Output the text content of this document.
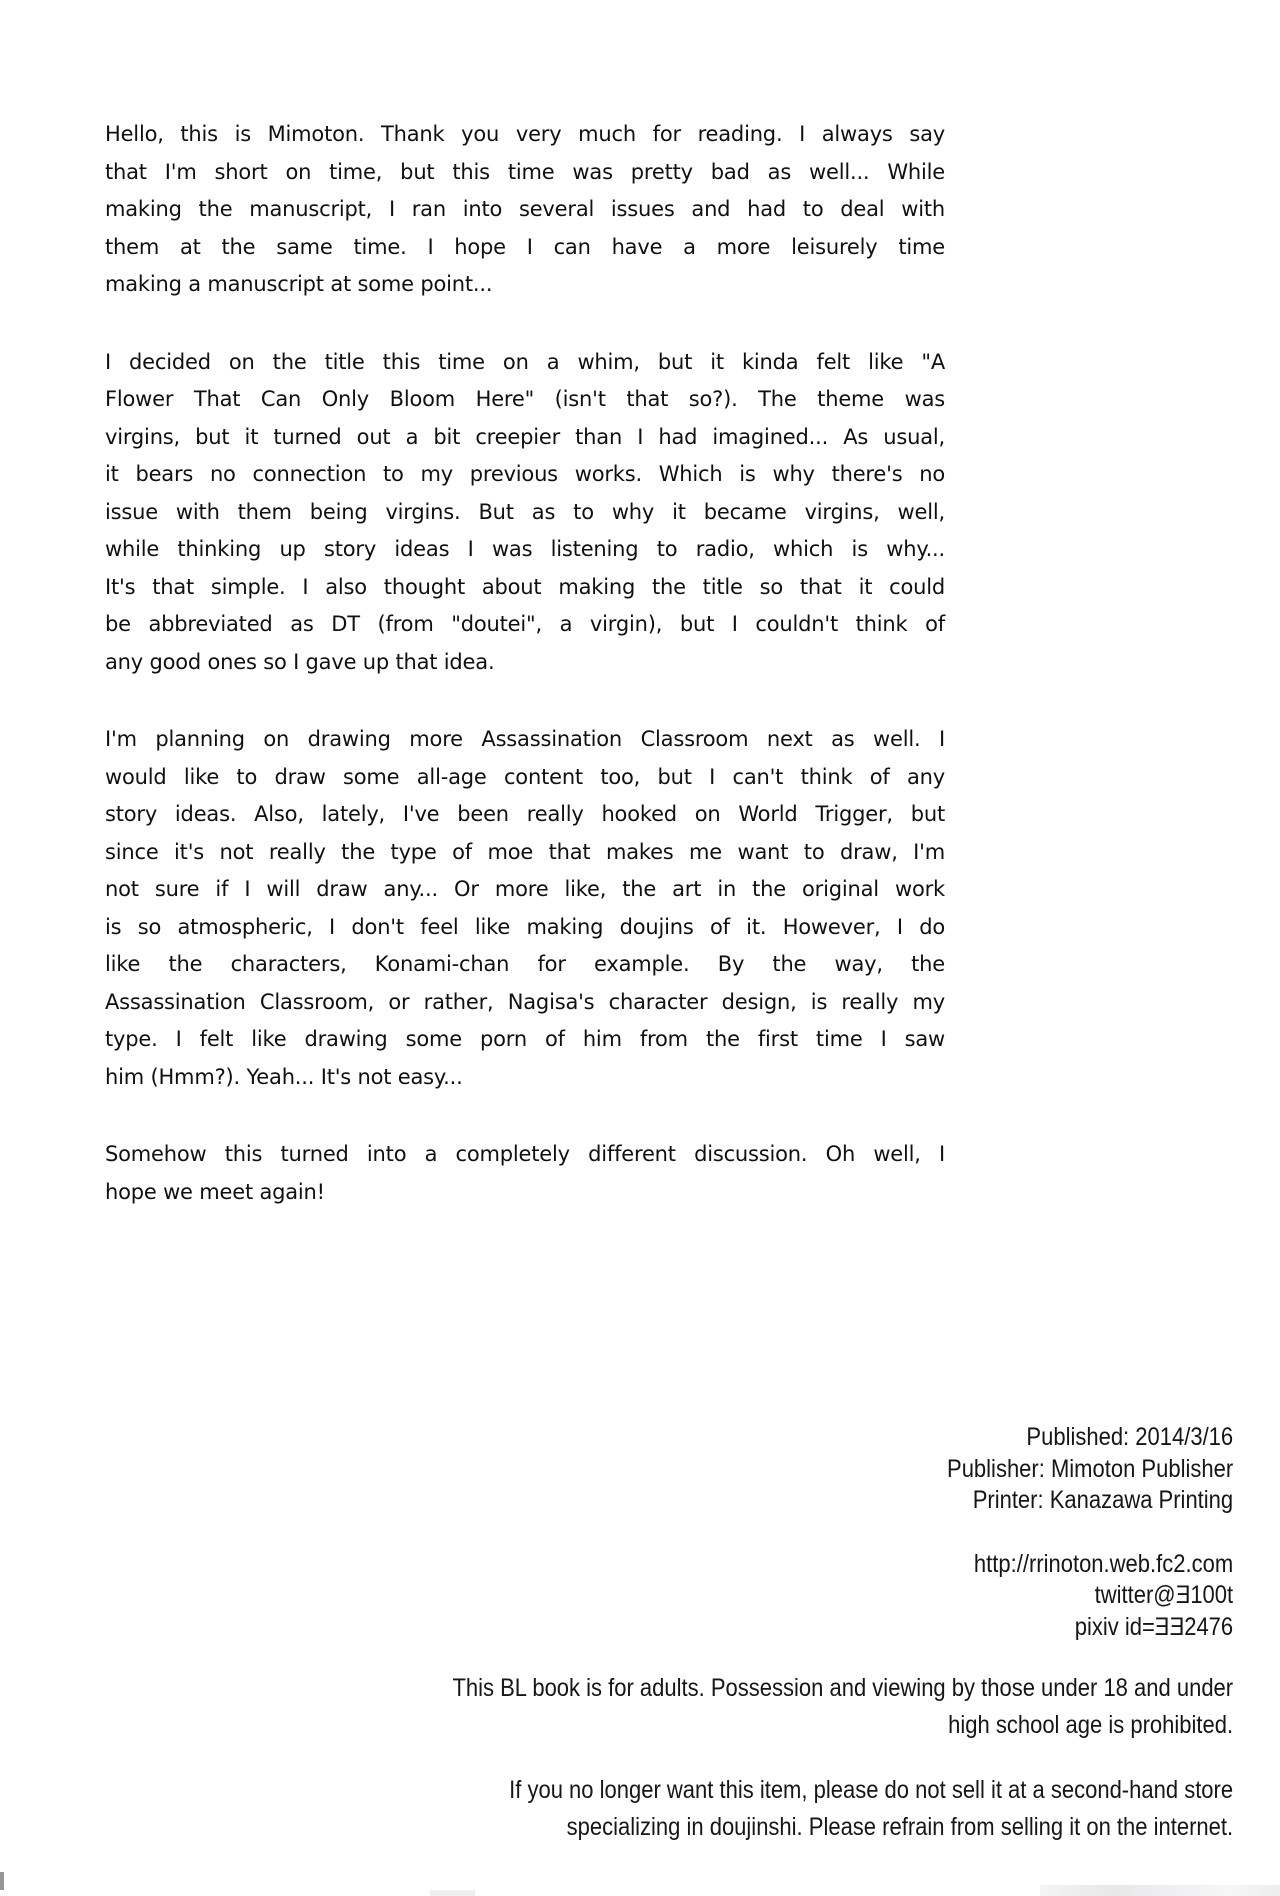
Hello, this is Mimoton. Thank you very much for reading. I always say
that I'm short on time, but this time was pretty bad as well... While
making the manuscript, I ran into several issues and had to deal with
them at the same time. I hope I can have a more leisurely time
making a manuscript at some point...
I decided on the title this time on a whim, but it kinda felt like "A
Flower That Can Only Bloom Here" (isn't that so?). The theme was
virgins, but it turned out a bit creepier than I had imagined... As usual,
it bears no connection to my previous works. Which is why there's no
issue with them being virgins. But as to why it became virgins, well,
while thinking up story ideas I was listening to radio, which is why...
It's that simple. I also thought about making the title so that it could
be abbreviated as DT (from "doutei", a virgin), but I couldn't think of
any good ones so I gave up that idea.
I'm planning on drawing more Assassination Classroom next as well. I
would like to draw some all-age content too, but I can't think of any
story ideas. Also, lately, I've been really hooked on World Trigger, but
since it's not really the type of moe that makes me want to draw, I'm
not sure if I will draw any... Or more like, the art in the original work
is so atmospheric, I don't feel like making doujins of it. However, I do
like the characters, Konami-chan for example. By the way, the
Assassination Classroom, or rather, Nagisa's character design, is really my
type. I felt like drawing some porn of him from the first time I saw
him (Hmm?). Yeah... It's not easy...
Somehow this turned into a completely different discussion. Oh well, I
hope we meet again!
Published: 2014/3/16
Publisher: Mimoton Publisher
Printer: Kanazawa Printing
http://rrinoton.web.fc2.com
twitter@E100t
pixiv id=EE2476
This BL book is for adults. Possession and viewing by those under 18 and under
high school age is prohibited.
If you no longer want this item, please do not sell it at a second-hand store
specializing in doujinshi. Please refrain from selling it on the internet.
